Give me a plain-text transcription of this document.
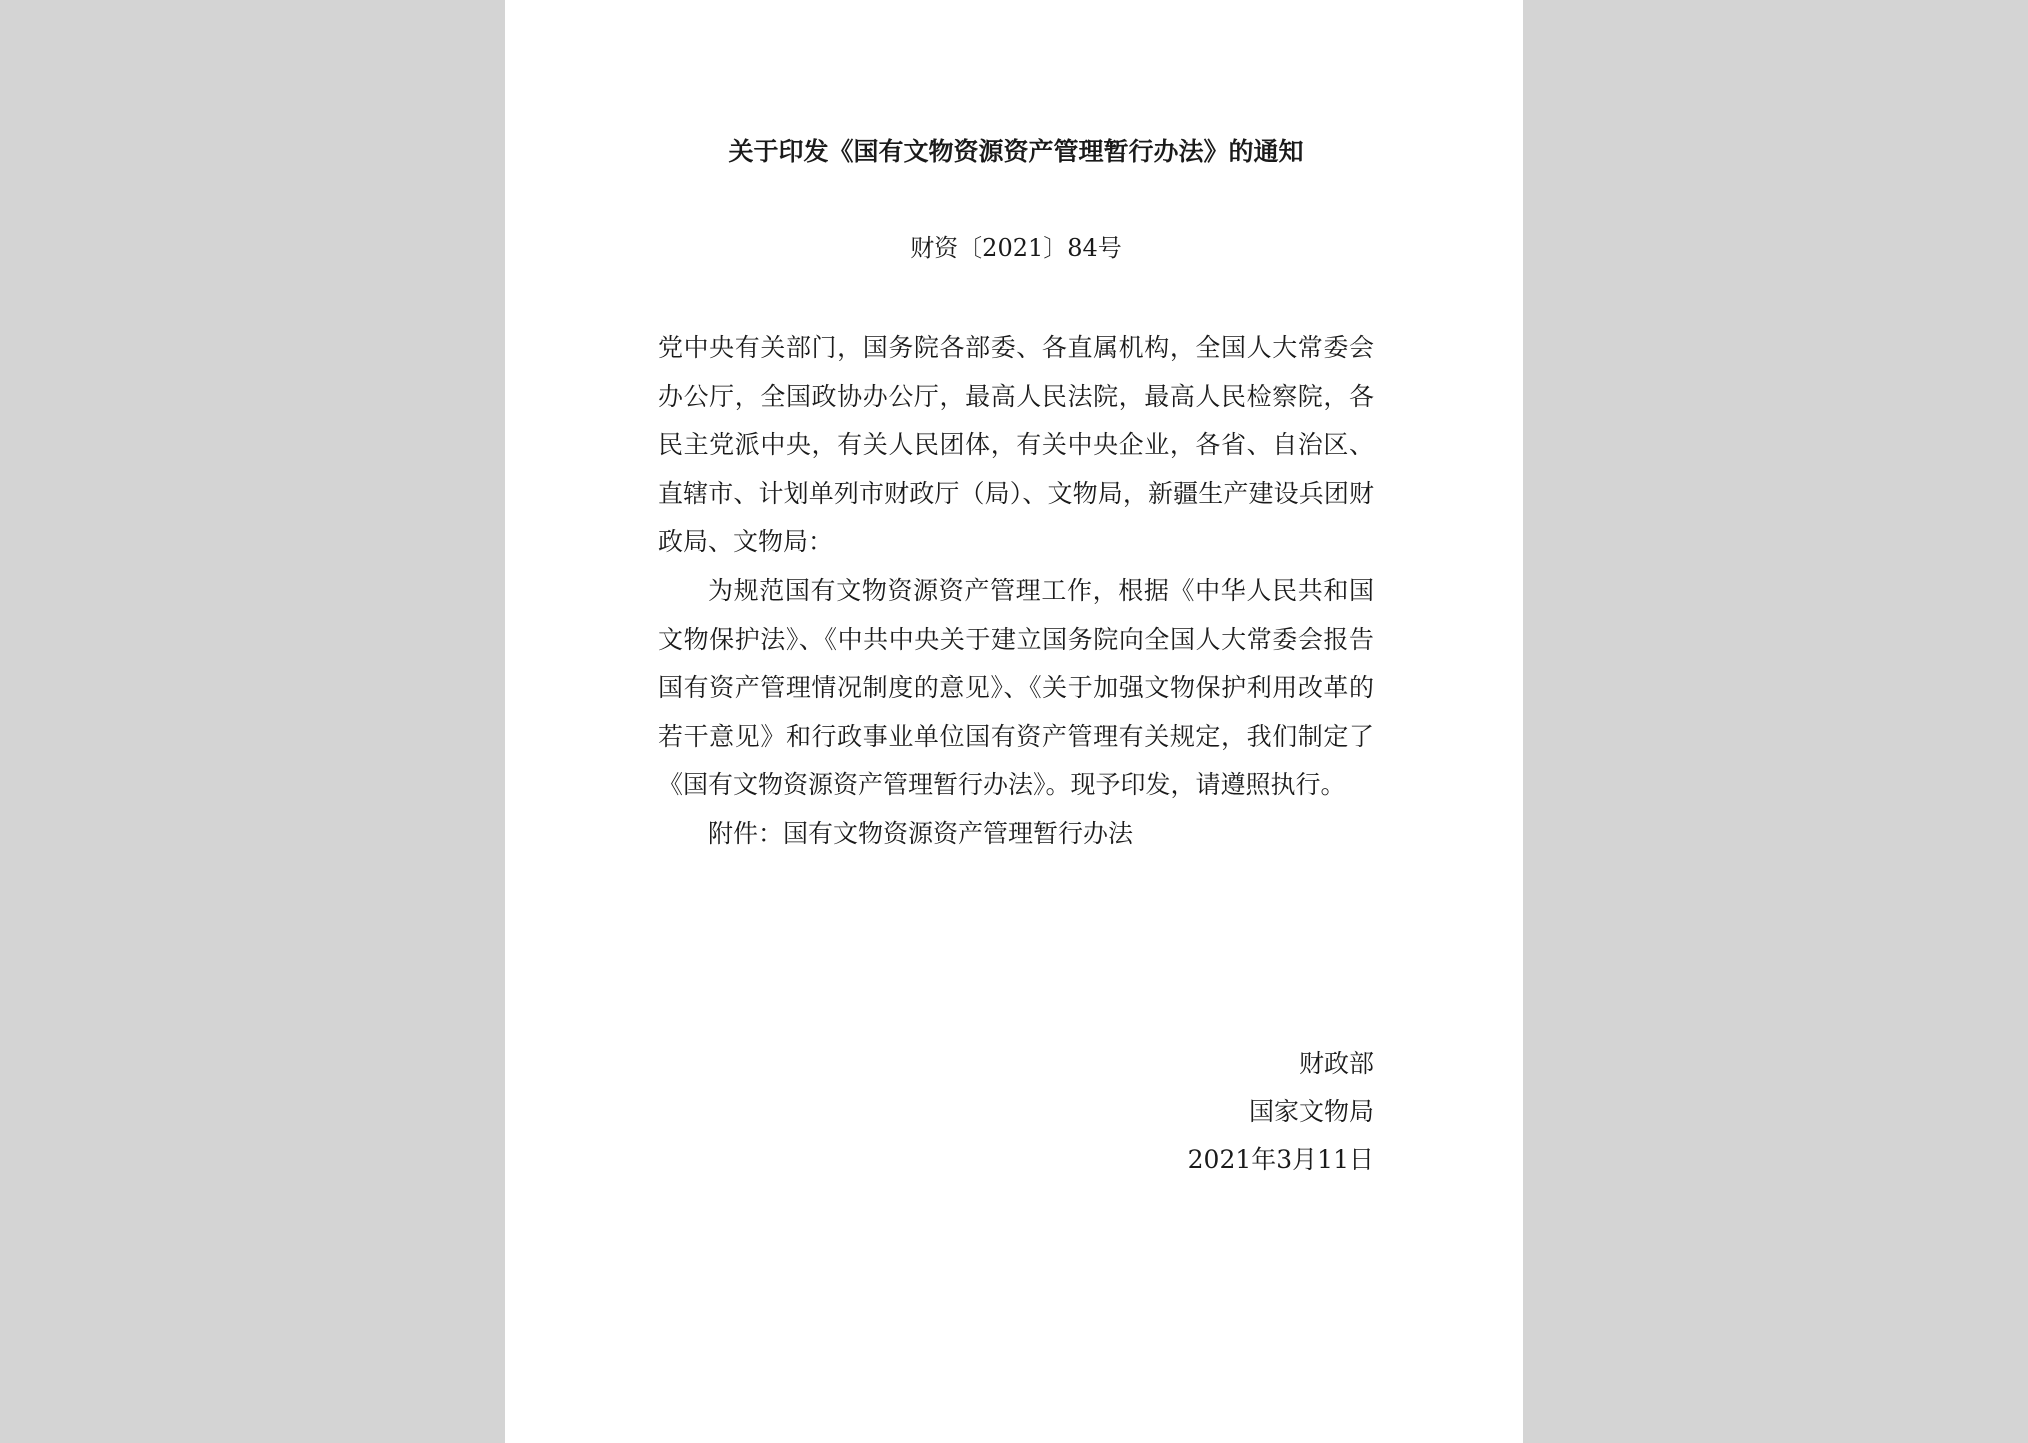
关于印发《国有文物资源资产管理暂行办法》的通知
财资〔2021〕84号

党中央有关部门，国务院各部委、各直属机构，全国人大常委会办公厅，全国政协办公厅，最高人民法院，最高人民检察院，各民主党派中央，有关人民团体，有关中央企业，各省、自治区、直辖市、计划单列市财政厅（局）、文物局，新疆生产建设兵团财政局、文物局：

为规范国有文物资源资产管理工作，根据《中华人民共和国文物保护法》、《中共中央关于建立国务院向全国人大常委会报告国有资产管理情况制度的意见》、《关于加强文物保护利用改革的若干意见》和行政事业单位国有资产管理有关规定，我们制定了《国有文物资源资产管理暂行办法》。现予印发，请遵照执行。

附件：国有文物资源资产管理暂行办法

财政部
国家文物局
2021年3月11日
